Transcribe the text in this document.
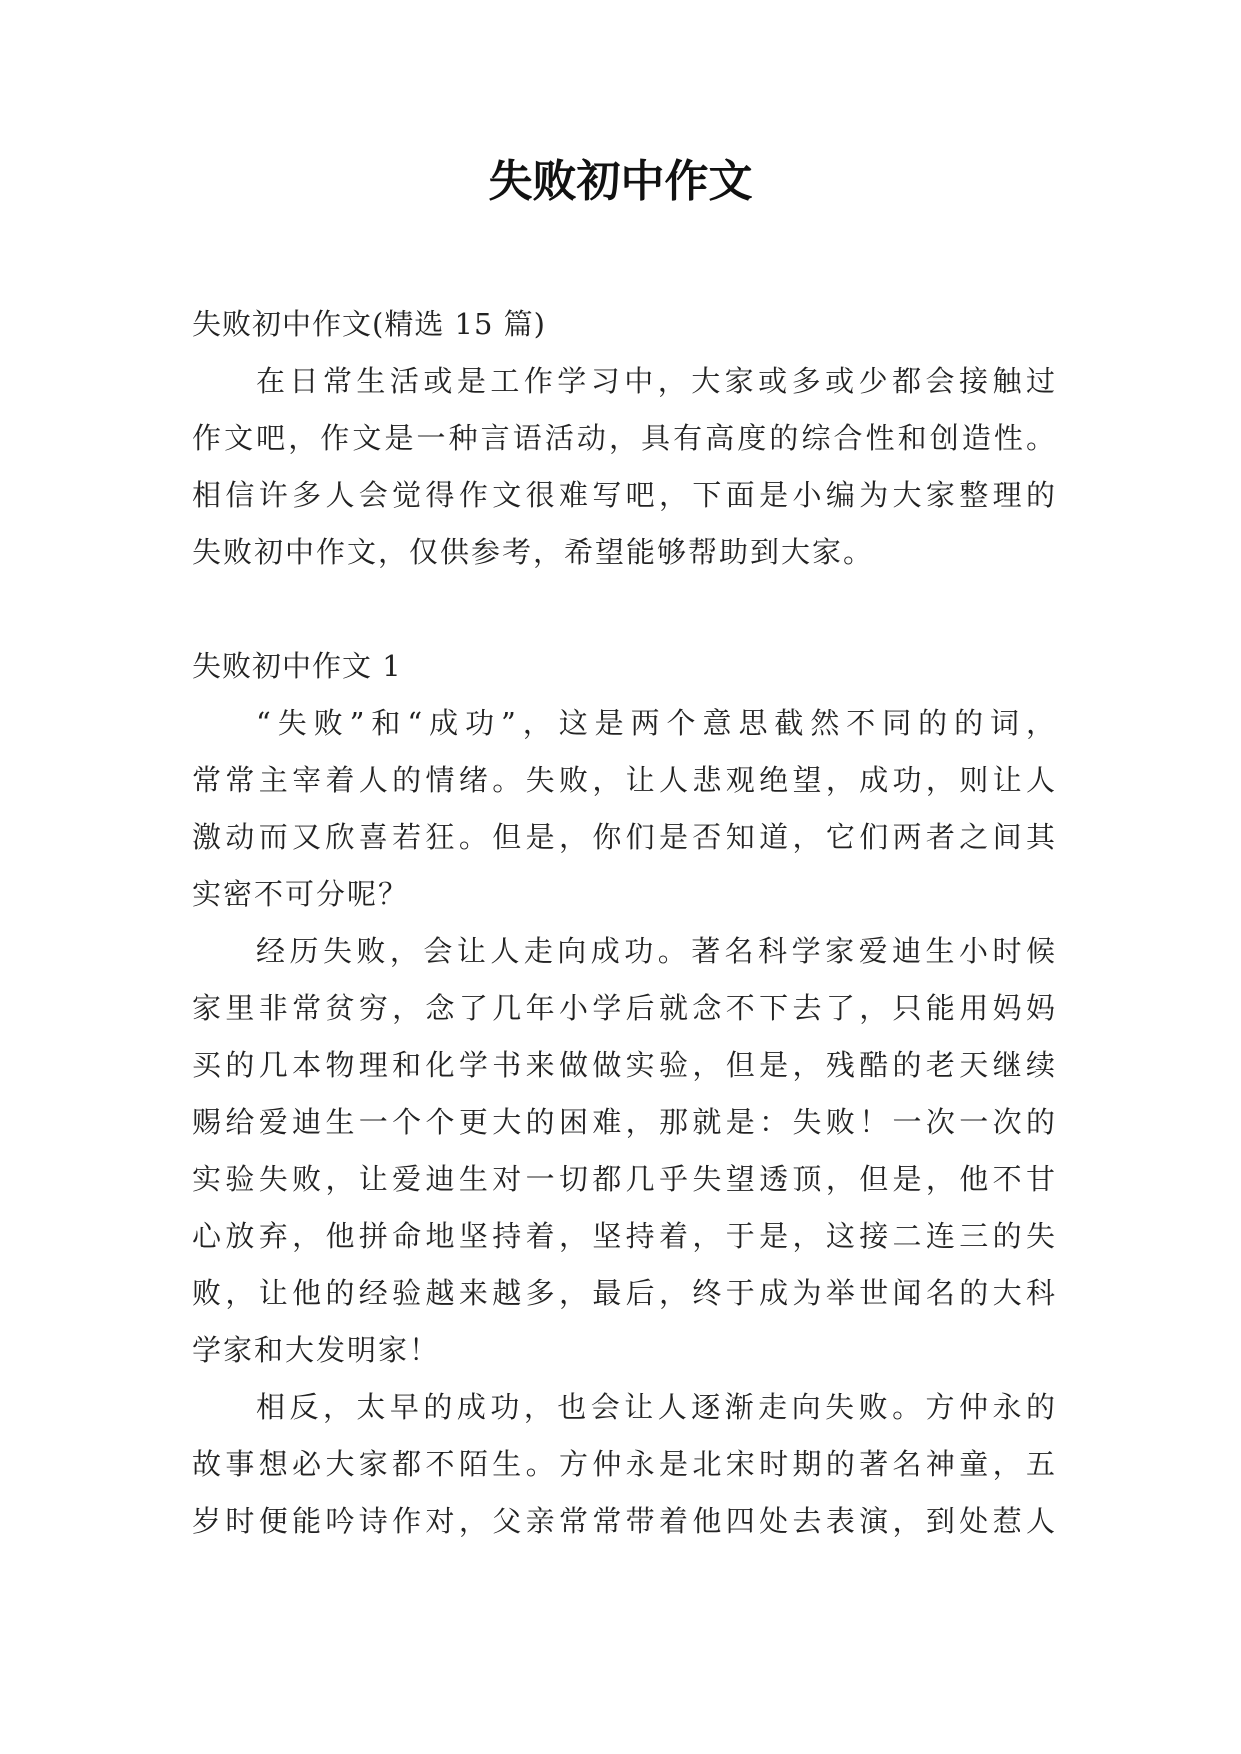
失败初中作文
失败初中作文(精选 15 篇)
在日常生活或是工作学习中，大家或多或少都会接触过
作文吧，作文是一种言语活动，具有高度的综合性和创造性。
相信许多人会觉得作文很难写吧，下面是小编为大家整理的
失败初中作文，仅供参考，希望能够帮助到大家。
失败初中作文 1
“失败”和“成功”，这是两个意思截然不同的的词，
常常主宰着人的情绪。失败，让人悲观绝望，成功，则让人
激动而又欣喜若狂。但是，你们是否知道，它们两者之间其
实密不可分呢？
经历失败，会让人走向成功。著名科学家爱迪生小时候
家里非常贫穷，念了几年小学后就念不下去了，只能用妈妈
买的几本物理和化学书来做做实验，但是，残酷的老天继续
赐给爱迪生一个个更大的困难，那就是：失败！一次一次的
实验失败，让爱迪生对一切都几乎失望透顶，但是，他不甘
心放弃，他拼命地坚持着，坚持着，于是，这接二连三的失
败，让他的经验越来越多，最后，终于成为举世闻名的大科
学家和大发明家！
相反，太早的成功，也会让人逐渐走向失败。方仲永的
故事想必大家都不陌生。方仲永是北宋时期的著名神童，五
岁时便能吟诗作对，父亲常常带着他四处去表演，到处惹人
